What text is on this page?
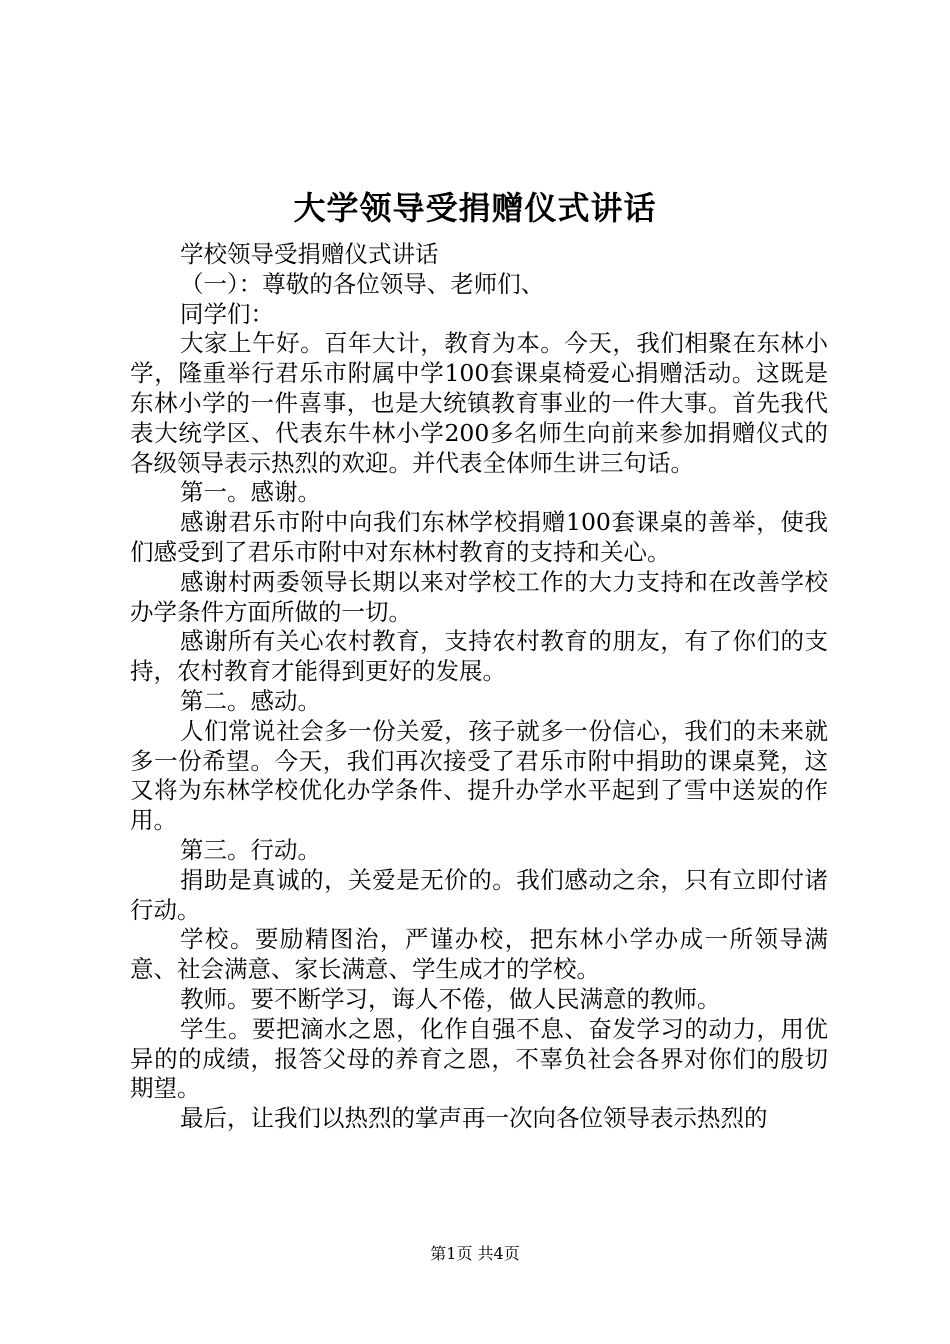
大学领导受捐赠仪式讲话

学校领导受捐赠仪式讲话

（一）：尊敬的各位领导、老师们、

同学们：

大家上午好。百年大计，教育为本。今天，我们相聚在东林小学，隆重举行君乐市附属中学100套课桌椅爱心捐赠活动。这既是东林小学的一件喜事，也是大统镇教育事业的一件大事。首先我代表大统学区、代表东牛林小学200多名师生向前来参加捐赠仪式的各级领导表示热烈的欢迎。并代表全体师生讲三句话。

第一。感谢。

感谢君乐市附中向我们东林学校捐赠100套课桌的善举，使我们感受到了君乐市附中对东林村教育的支持和关心。

感谢村两委领导长期以来对学校工作的大力支持和在改善学校办学条件方面所做的一切。

感谢所有关心农村教育，支持农村教育的朋友，有了你们的支持，农村教育才能得到更好的发展。

第二。感动。

人们常说社会多一份关爱，孩子就多一份信心，我们的未来就多一份希望。今天，我们再次接受了君乐市附中捐助的课桌凳，这又将为东林学校优化办学条件、提升办学水平起到了雪中送炭的作用。

第三。行动。

捐助是真诚的，关爱是无价的。我们感动之余，只有立即付诸行动。

学校。要励精图治，严谨办校，把东林小学办成一所领导满意、社会满意、家长满意、学生成才的学校。

教师。要不断学习，诲人不倦，做人民满意的教师。

学生。要把滴水之恩，化作自强不息、奋发学习的动力，用优异的的成绩，报答父母的养育之恩，不辜负社会各界对你们的殷切期望。

最后，让我们以热烈的掌声再一次向各位领导表示热烈的

第1页 共4页
